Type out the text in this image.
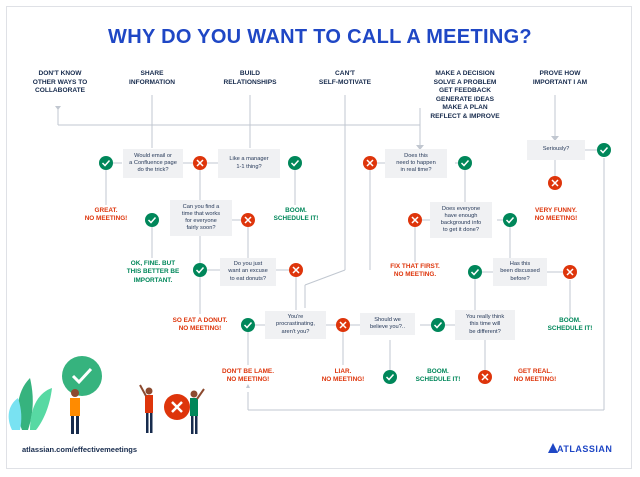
WHY DO YOU WANT TO CALL A MEETING?
DON'T KNOW
OTHER WAYS TO
COLLABORATE
SHARE
INFORMATION
BUILD
RELATIONSHIPS
CAN'T
SELF-MOTIVATE
MAKE A DECISION
SOLVE A PROBLEM
GET FEEDBACK
GENERATE IDEAS
MAKE A PLAN
REFLECT & IMPROVE
PROVE HOW
IMPORTANT I AM
Would email or
a Confluence page
do the trick?
Like a manager
1-1 thing?
Can you find a
time that works
for everyone
fairly soon?
Do you just
want an excuse
to eat donuts?
You're
procrastinating,
aren't you?
Should we
believe you?..
You really think
this time will
be different?
Does this
need to happen
in real time?
Does everyone
have enough
background info
to get it done?
Has this
been discussed
before?
Seriously?
GREAT.
NO MEETING!
BOOM.
SCHEDULE IT!
OK, FINE. BUT
THIS BETTER BE
IMPORTANT.
SO EAT A DONUT.
NO MEETING!
DON'T BE LAME.
NO MEETING!
LIAR.
NO MEETING!
BOOM.
SCHEDULE IT!
GET REAL.
NO MEETING!
FIX THAT FIRST.
NO MEETING.
BOOM.
SCHEDULE IT!
VERY FUNNY.
NO MEETING!
atlassian.com/effectivemeetings	ATLASSIAN
